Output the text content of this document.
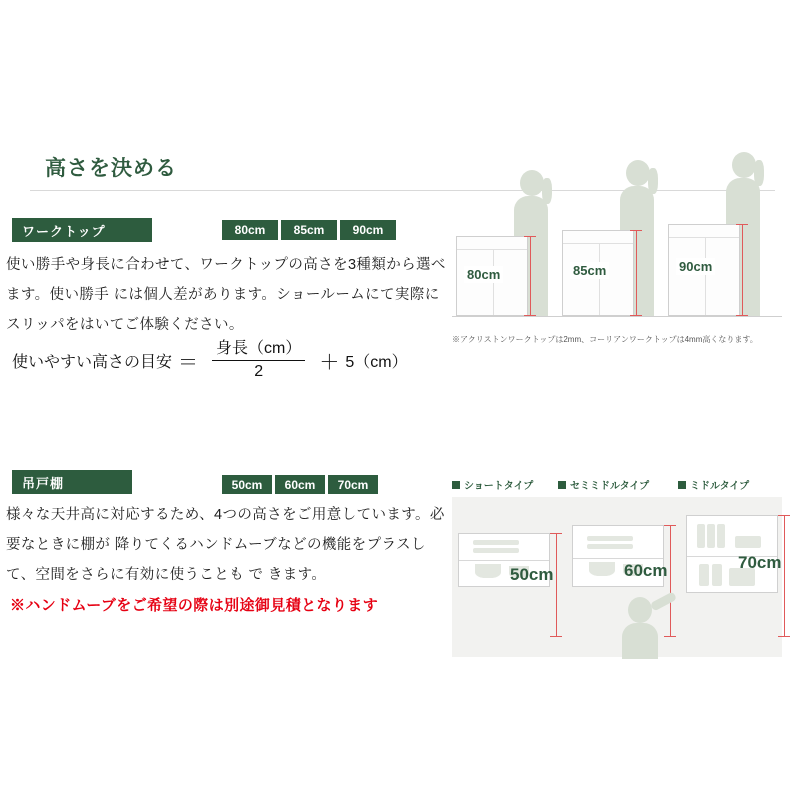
高さを決める
ワークトップ	80cm	85cm	90cm
使い勝手や身長に合わせて、ワークトップの高さを3種類から選べます。使い勝手 には個人差があります。ショールームにて実際にスリッパをはいてご体験ください。
使いやすい高さの目安 ＝ $\frac{\text{身長（cm）}}{2} + 5(cm)$
80cm	85cm	90cm
※アクリストンワークトップは2mm、コーリアンワークトップは4mm高くなります。
吊戸棚	50cm	60cm	70cm
様々な天井高に対応するため、4つの高さをご用意しています。必要なときに棚が 降りてくるハンドムーブなどの機能をプラスして、空間をさらに有効に使うことも で きます。
※ハンドムーブをご希望の際は別途御見積となります
ショートタイプ	セミミドルタイプ	ミドルタイプ
50cm	60cm	70cm
